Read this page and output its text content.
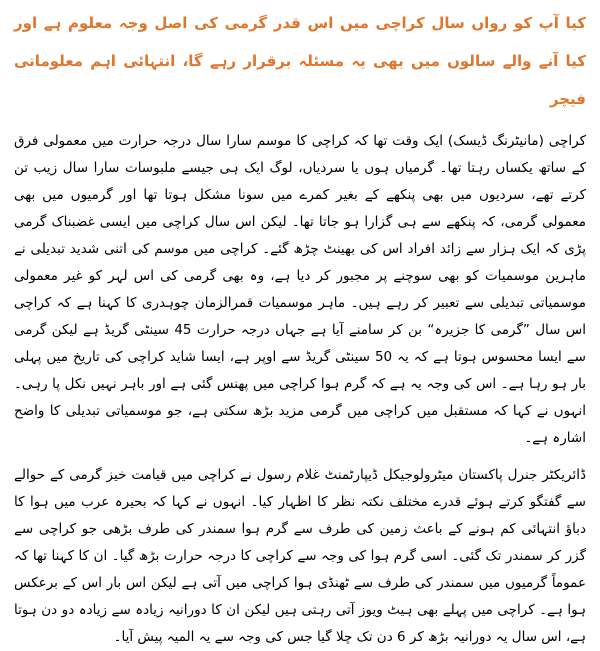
کیا آپ کو رواں سال کراچی میں اس قدر گرمی کی اصل وجہ معلوم ہے اور کیا آنے والے سالوں میں بھی یہ مسئلہ برقرار رہے گا، انتہائی اہم معلوماتی فیچر

کراچی (مانیٹرنگ ڈیسک) ایک وقت تھا کہ کراچی کا موسم سارا سال درجہ حرارت میں معمولی فرق کے ساتھ یکساں رہتا تھا۔ گرمیاں ہوں یا سردیاں، لوگ ایک ہی جیسے ملبوسات سارا سال زیب تن کرتے تھے، سردیوں میں بھی پنکھے کے بغیر کمرے میں سونا مشکل ہوتا تھا اور گرمیوں میں بھی معمولی گرمی، کہ پنکھے سے ہی گزارا ہو جاتا تھا۔ لیکن اس سال کراچی میں ایسی غضبناک گرمی پڑی کہ ایک ہزار سے زائد افراد اس کی بھینٹ چڑھ گئے۔ کراچی میں موسم کی اتنی شدید تبدیلی نے ماہرین موسمیات کو بھی سوچنے پر مجبور کر دیا ہے، وہ بھی گرمی کی اس لہر کو غیر معمولی موسمیاتی تبدیلی سے تعبیر کر رہے ہیں۔ ماہر موسمیات قمرالزمان چوہدری کا کہنا ہے کہ کراچی اس سال ”گرمی کا جزیرہ“ بن کر سامنے آیا ہے جہاں درجہ حرارت 45 سینٹی گریڈ ہے لیکن گرمی سے ایسا محسوس ہوتا ہے کہ یہ 50 سینٹی گریڈ سے اوپر ہے، ایسا شاید کراچی کی تاریخ میں پہلی بار ہو رہا ہے۔ اس کی وجہ یہ ہے کہ گرم ہوا کراچی میں پھنس گئی ہے اور باہر نہیں نکل پا رہی۔ انہوں نے کہا کہ مستقبل میں کراچی میں گرمی مزید بڑھ سکتی ہے، جو موسمیاتی تبدیلی کا واضح اشارہ ہے۔

ڈائریکٹر جنرل پاکستان میٹرولوجیکل ڈیپارٹمنٹ غلام رسول نے کراچی میں قیامت خیز گرمی کے حوالے سے گفتگو کرتے ہوئے قدرے مختلف نکتہ نظر کا اظہار کیا۔ انہوں نے کہا کہ بحیرہ عرب میں ہوا کا دباؤ انتہائی کم ہونے کے باعث زمین کی طرف سے گرم ہوا سمندر کی طرف بڑھی جو کراچی سے گزر کر سمندر تک گئی۔ اسی گرم ہوا کی وجہ سے کراچی کا درجہ حرارت بڑھ گیا۔ ان کا کہنا تھا کہ عموماً گرمیوں میں سمندر کی طرف سے ٹھنڈی ہوا کراچی میں آتی ہے لیکن اس بار اس کے برعکس ہوا ہے۔ کراچی میں پہلے بھی ہیٹ ویوز آتی رہتی ہیں لیکن ان کا دورانیہ زیادہ سے زیادہ دو دن ہوتا ہے، اس سال یہ دورانیہ بڑھ کر 6 دن تک چلا گیا جس کی وجہ سے یہ المیہ پیش آیا۔
